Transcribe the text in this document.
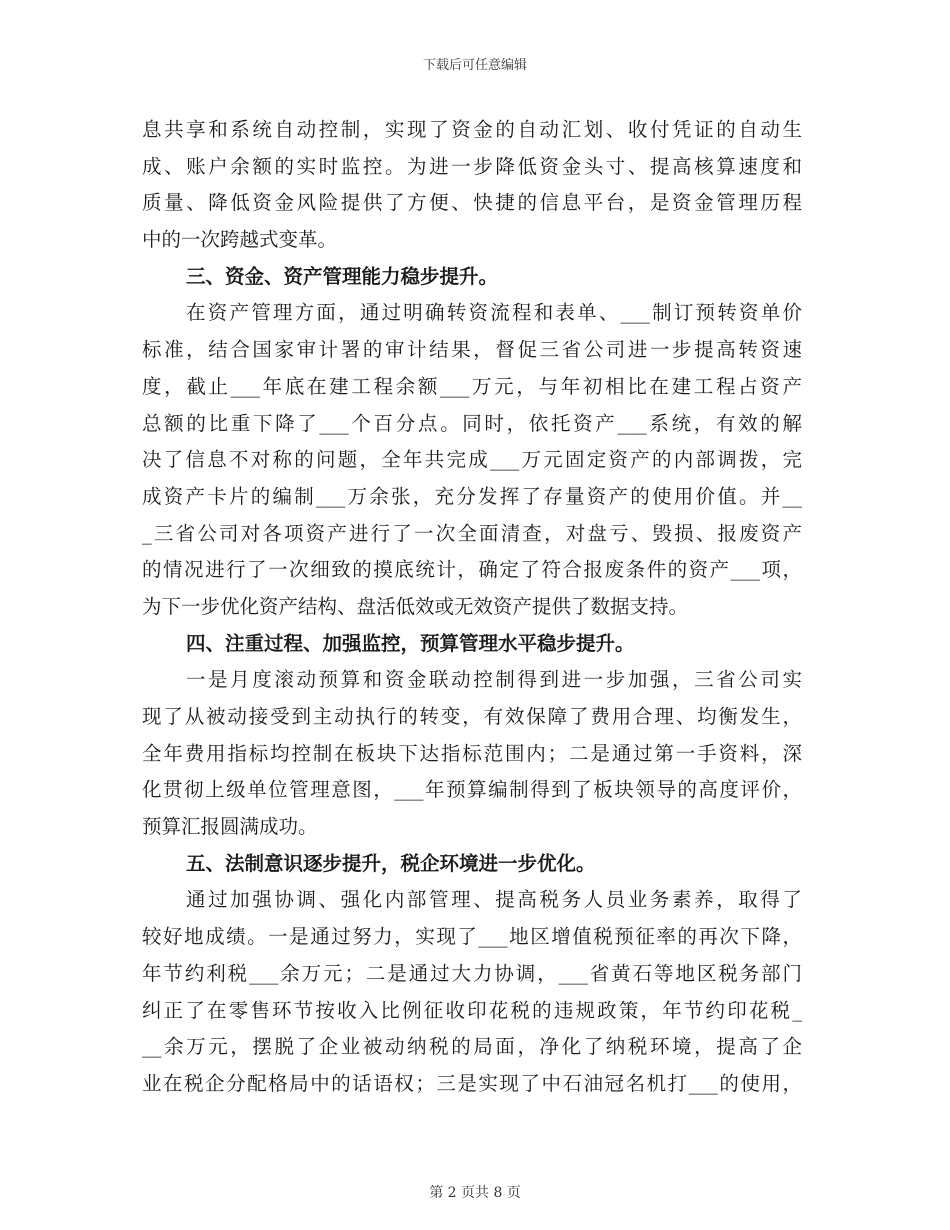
下载后可任意编辑
息共享和系统自动控制，实现了资金的自动汇划、收付凭证的自动生
成、账户余额的实时监控。为进一步降低资金头寸、提高核算速度和
质量、降低资金风险提供了方便、快捷的信息平台，是资金管理历程
中的一次跨越式变革。
三、资金、资产管理能力稳步提升。
在资产管理方面，通过明确转资流程和表单、___制订预转资单价
标准，结合国家审计署的审计结果，督促三省公司进一步提高转资速
度，截止___年底在建工程余额___万元，与年初相比在建工程占资产
总额的比重下降了___个百分点。同时，依托资产___系统，有效的解
决了信息不对称的问题，全年共完成___万元固定资产的内部调拨，完
成资产卡片的编制___万余张，充分发挥了存量资产的使用价值。并__
_三省公司对各项资产进行了一次全面清查，对盘亏、毁损、报废资产
的情况进行了一次细致的摸底统计，确定了符合报废条件的资产___项，
为下一步优化资产结构、盘活低效或无效资产提供了数据支持。
四、注重过程、加强监控，预算管理水平稳步提升。
一是月度滚动预算和资金联动控制得到进一步加强，三省公司实
现了从被动接受到主动执行的转变，有效保障了费用合理、均衡发生，
全年费用指标均控制在板块下达指标范围内；二是通过第一手资料，深
化贯彻上级单位管理意图，___年预算编制得到了板块领导的高度评价，
预算汇报圆满成功。
五、法制意识逐步提升，税企环境进一步优化。
通过加强协调、强化内部管理、提高税务人员业务素养，取得了
较好地成绩。一是通过努力，实现了___地区增值税预征率的再次下降，
年节约利税___余万元；二是通过大力协调，___省黄石等地区税务部门
纠正了在零售环节按收入比例征收印花税的违规政策，年节约印花税_
__余万元，摆脱了企业被动纳税的局面，净化了纳税环境，提高了企
业在税企分配格局中的话语权；三是实现了中石油冠名机打___的使用，
第 2 页共 8 页
